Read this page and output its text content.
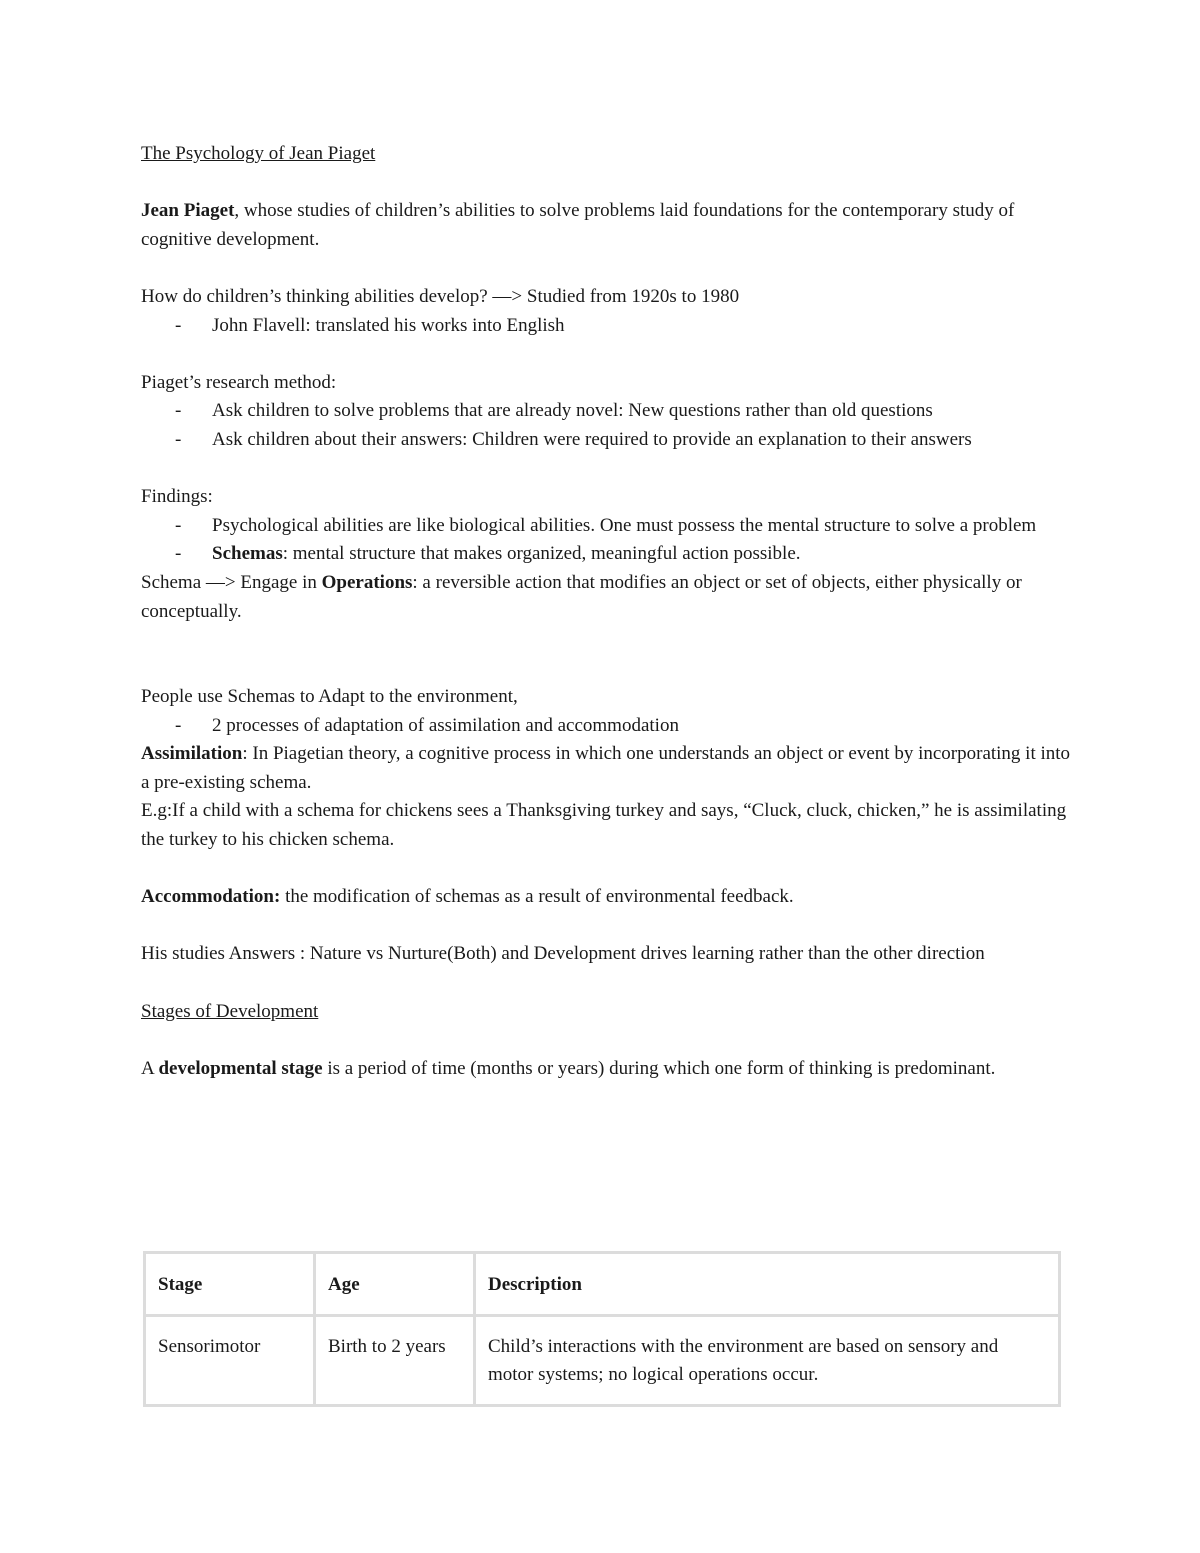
The Psychology of Jean Piaget

Jean Piaget, whose studies of children’s abilities to solve problems laid foundations for the contemporary study of cognitive development.

How do children’s thinking abilities develop? —> Studied from 1920s to 1980

- John Flavell: translated his works into English

Piaget’s research method:

- Ask children to solve problems that are already novel: New questions rather than old questions
- Ask children about their answers: Children were required to provide an explanation to their answers

Findings:

- Psychological abilities are like biological abilities. One must possess the mental structure to solve a problem
- Schemas: mental structure that makes organized, meaningful action possible.

Schema —> Engage in Operations: a reversible action that modifies an object or set of objects, either physically or conceptually.

People use Schemas to Adapt to the environment,

- 2 processes of adaptation of assimilation and accommodation

Assimilation: In Piagetian theory, a cognitive process in which one understands an object or event by incorporating it into a pre-existing schema.

E.g:If a child with a schema for chickens sees a Thanksgiving turkey and says, “Cluck, cluck, chicken,” he is assimilating the turkey to his chicken schema.

Accommodation: the modification of schemas as a result of environmental feedback.

His studies Answers : Nature vs Nurture(Both) and Development drives learning rather than the other direction

Stages of Development

A developmental stage is a period of time (months or years) during which one form of thinking is predominant.

Stage	Age	Description
Sensorimotor	Birth to 2 years	Child’s interactions with the environment are based on sensory and motor systems; no logical operations occur.
